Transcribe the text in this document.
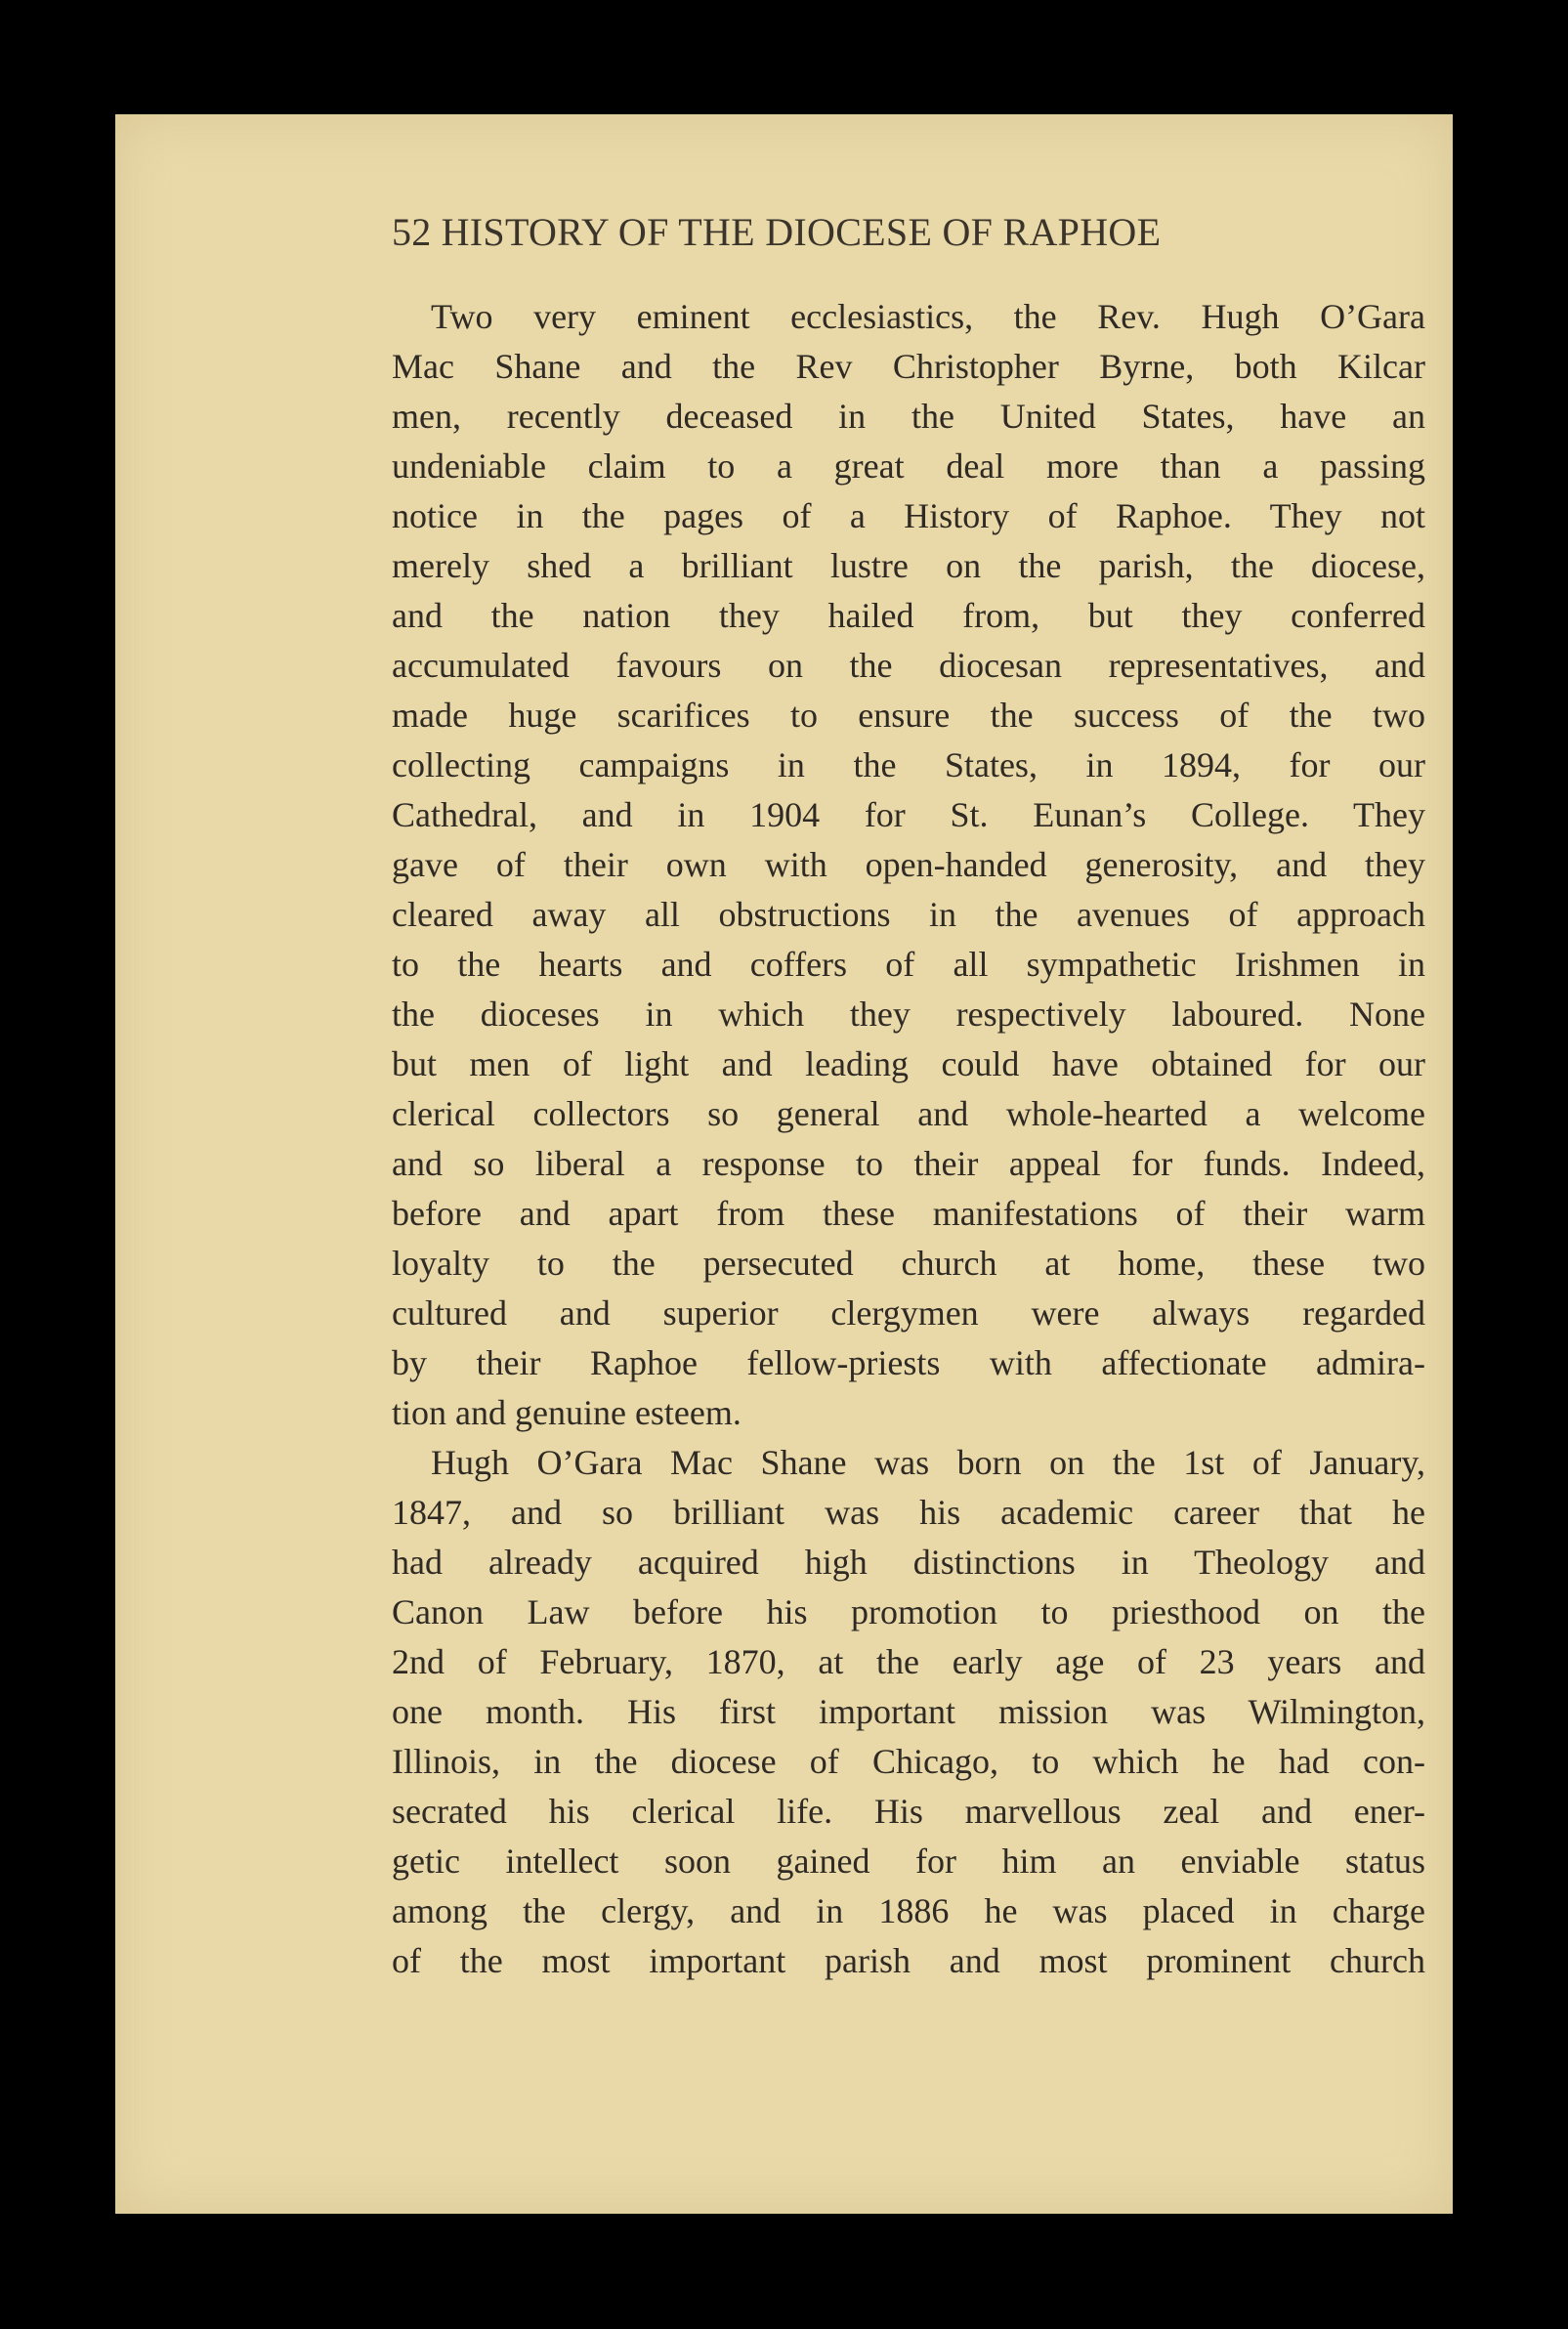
52 HISTORY OF THE DIOCESE OF RAPHOE
Two very eminent ecclesiastics, the Rev. Hugh O’Gara
Mac Shane and the Rev Christopher Byrne, both Kilcar
men, recently deceased in the United States, have an
undeniable claim to a great deal more than a passing
notice in the pages of a History of Raphoe. They not
merely shed a brilliant lustre on the parish, the diocese,
and the nation they hailed from, but they conferred
accumulated favours on the diocesan representatives, and
made huge scarifices to ensure the success of the two
collecting campaigns in the States, in 1894, for our
Cathedral, and in 1904 for St. Eunan’s College. They
gave of their own with open-handed generosity, and they
cleared away all obstructions in the avenues of approach
to the hearts and coffers of all sympathetic Irishmen in
the dioceses in which they respectively laboured. None
but men of light and leading could have obtained for our
clerical collectors so general and whole-hearted a welcome
and so liberal a response to their appeal for funds. Indeed,
before and apart from these manifestations of their warm
loyalty to the persecuted church at home, these two
cultured and superior clergymen were always regarded
by their Raphoe fellow-priests with affectionate admira-
tion and genuine esteem.
Hugh O’Gara Mac Shane was born on the 1st of January,
1847, and so brilliant was his academic career that he
had already acquired high distinctions in Theology and
Canon Law before his promotion to priesthood on the
2nd of February, 1870, at the early age of 23 years and
one month. His first important mission was Wilmington,
Illinois, in the diocese of Chicago, to which he had con-
secrated his clerical life. His marvellous zeal and ener-
getic intellect soon gained for him an enviable status
among the clergy, and in 1886 he was placed in charge
of the most important parish and most prominent church
